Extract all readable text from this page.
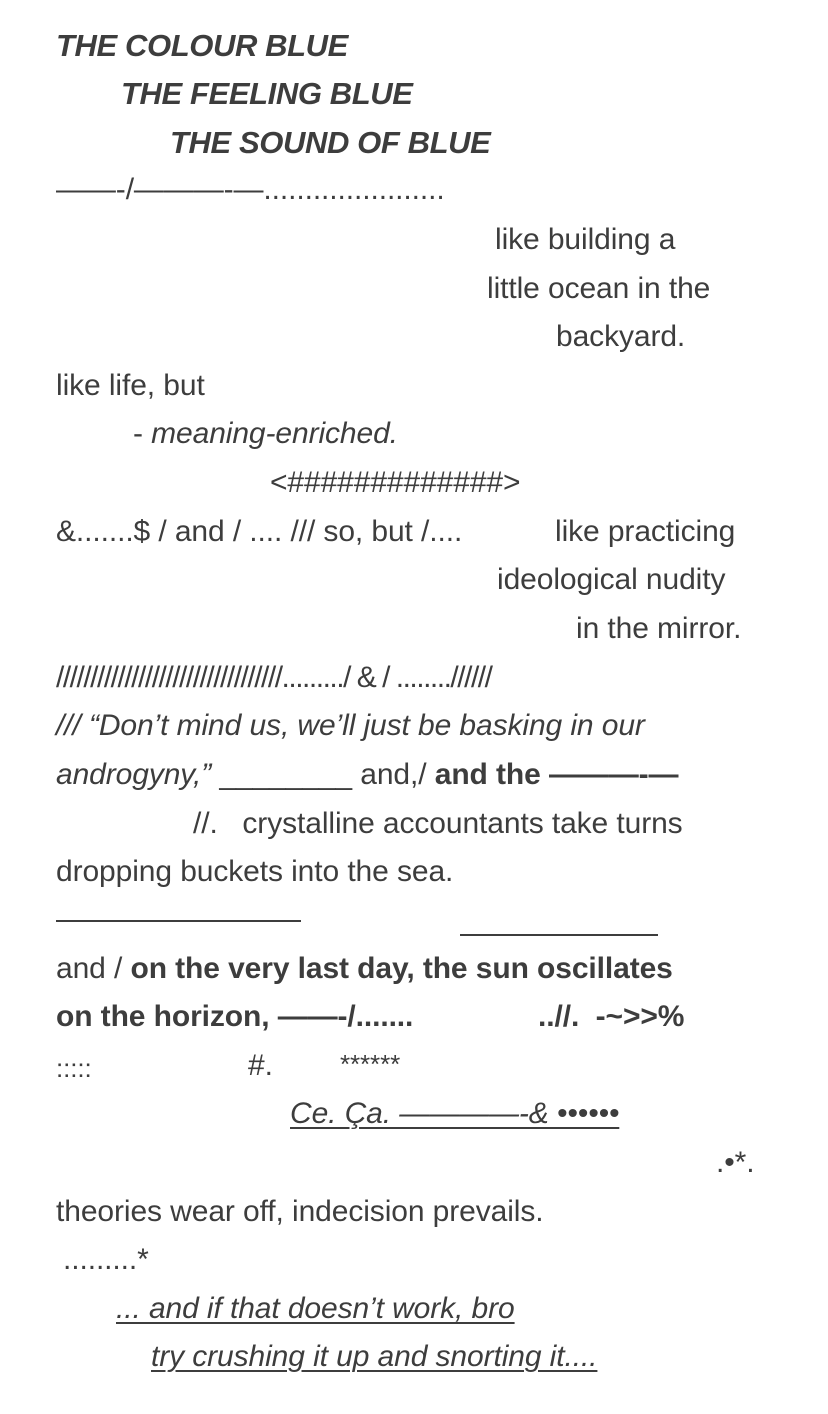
THE COLOUR BLUE
THE FEELING BLUE
THE SOUND OF BLUE
——-/———-—......................
like building a
little ocean in the
backyard.
like life, but
- meaning-enriched.
<#############>
&.......$ / and / .... /// so, but /....	like practicing
ideological nudity
in the mirror.
/////////////////////////////////........./ & / ........//////
/// “Don’t mind us, we’ll just be basking in our
androgyny,” ________ and,/ and the ———-—
//.   crystalline accountants take turns
dropping buckets into the sea.
and / on the very last day, the sun oscillates
on the horizon, ——-/.......	..//.  -~>>%
:::::	#.	******
Ce. Ça. ————-& ••••••
.•*.
theories wear off, indecision prevails.
.........*
... and if that doesn’t work, bro
try crushing it up and snorting it....
